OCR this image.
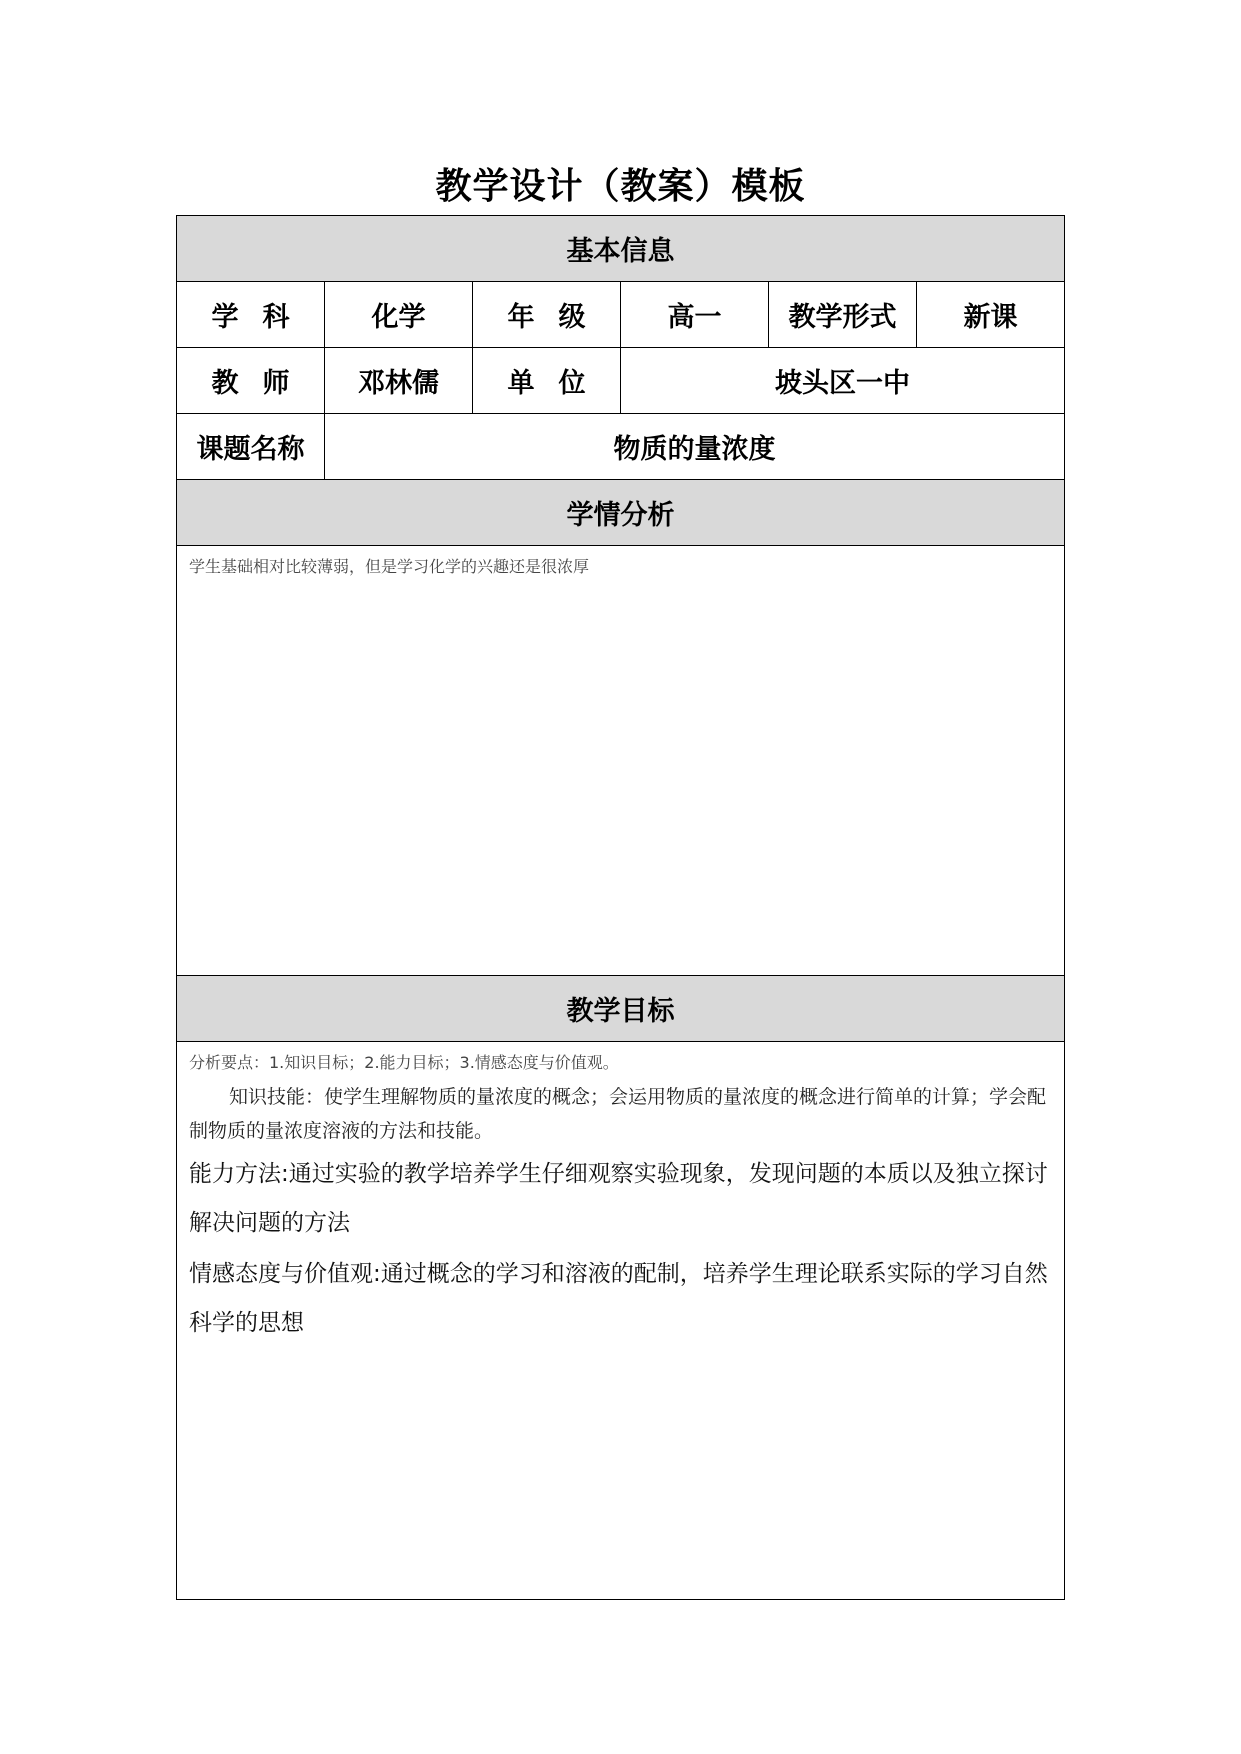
教学设计（教案）模板
基本信息					
学科	化学	年级	高一	教学形式	新课
教师	邓林儒	单位	坡头区一中		
课题名称	物质的量浓度				
学情分析					

学生基础相对比较薄弱，但是学习化学的兴趣还是很浓厚					

教学目标					

分析要点：1.知识目标；2.能力目标；3.情感态度与价值观。
知识技能：使学生理解物质的量浓度的概念；会运用物质的量浓度的概念进行简单的计算；学会配制物质的量浓度溶液的方法和技能。
能力方法:通过实验的教学培养学生仔细观察实验现象，发现问题的本质以及独立探讨解决问题的方法
情感态度与价值观:通过概念的学习和溶液的配制，培养学生理论联系实际的学习自然科学的思想					
